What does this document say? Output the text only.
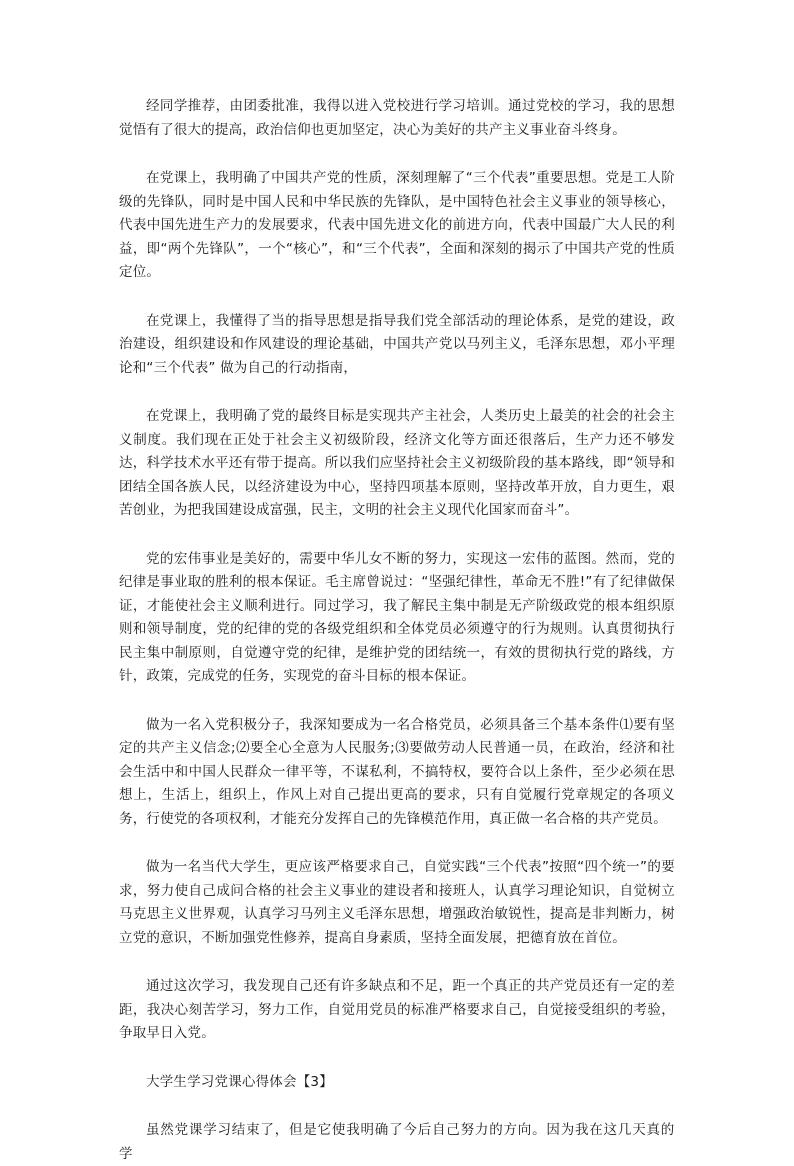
经同学推荐，由团委批准，我得以进入党校进行学习培训。通过党校的学习，我的思想觉悟有了很大的提高，政治信仰也更加坚定，决心为美好的共产主义事业奋斗终身。

在党课上，我明确了中国共产党的性质，深刻理解了“三个代表”重要思想。党是工人阶级的先锋队，同时是中国人民和中华民族的先锋队，是中国特色社会主义事业的领导核心，代表中国先进生产力的发展要求，代表中国先进文化的前进方向，代表中国最广大人民的利益，即“两个先锋队”，一个“核心”，和“三个代表”，全面和深刻的揭示了中国共产党的性质定位。

在党课上，我懂得了当的指导思想是指导我们党全部活动的理论体系，是党的建设，政治建设，组织建设和作风建设的理论基础，中国共产党以马列主义，毛泽东思想，邓小平理论和“三个代表” 做为自己的行动指南，

在党课上，我明确了党的最终目标是实现共产主社会，人类历史上最美的社会的社会主义制度。我们现在正处于社会主义初级阶段，经济文化等方面还很落后，生产力还不够发达，科学技术水平还有带于提高。所以我们应坚持社会主义初级阶段的基本路线，即“领导和团结全国各族人民，以经济建设为中心，坚持四项基本原则，坚持改革开放，自力更生，艰苦创业，为把我国建设成富强，民主，文明的社会主义现代化国家而奋斗”。

党的宏伟事业是美好的，需要中华儿女不断的努力，实现这一宏伟的蓝图。然而，党的纪律是事业取的胜利的根本保证。毛主席曾说过：“坚强纪律性，革命无不胜!”有了纪律做保证，才能使社会主义顺利进行。同过学习，我了解民主集中制是无产阶级政党的根本组织原则和领导制度，党的纪律的党的各级党组织和全体党员必须遵守的行为规则。认真贯彻执行民主集中制原则，自觉遵守党的纪律，是维护党的团结统一，有效的贯彻执行党的路线，方针，政策，完成党的任务，实现党的奋斗目标的根本保证。

做为一名入党积极分子，我深知要成为一名合格党员，必须具备三个基本条件⑴要有坚定的共产主义信念;⑵要全心全意为人民服务;⑶要做劳动人民普通一员，在政治，经济和社会生活中和中国人民群众一律平等，不谋私利，不搞特权，要符合以上条件，至少必须在思想上，生活上，组织上，作风上对自己提出更高的要求，只有自觉履行党章规定的各项义务，行使党的各项权利，才能充分发挥自己的先锋模范作用，真正做一名合格的共产党员。

做为一名当代大学生，更应该严格要求自己，自觉实践“三个代表”按照“四个统一”的要求，努力使自己成问合格的社会主义事业的建设者和接班人，认真学习理论知识，自觉树立马克思主义世界观，认真学习马列主义毛泽东思想，增强政治敏锐性，提高是非判断力，树立党的意识，不断加强党性修养，提高自身素质，坚持全面发展，把德育放在首位。

通过这次学习，我发现自己还有许多缺点和不足，距一个真正的共产党员还有一定的差距，我决心刻苦学习，努力工作，自觉用党员的标准严格要求自己，自觉接受组织的考验，争取早日入党。

大学生学习党课心得体会【3】

虽然党课学习结束了，但是它使我明确了今后自己努力的方向。因为我在这几天真的学
